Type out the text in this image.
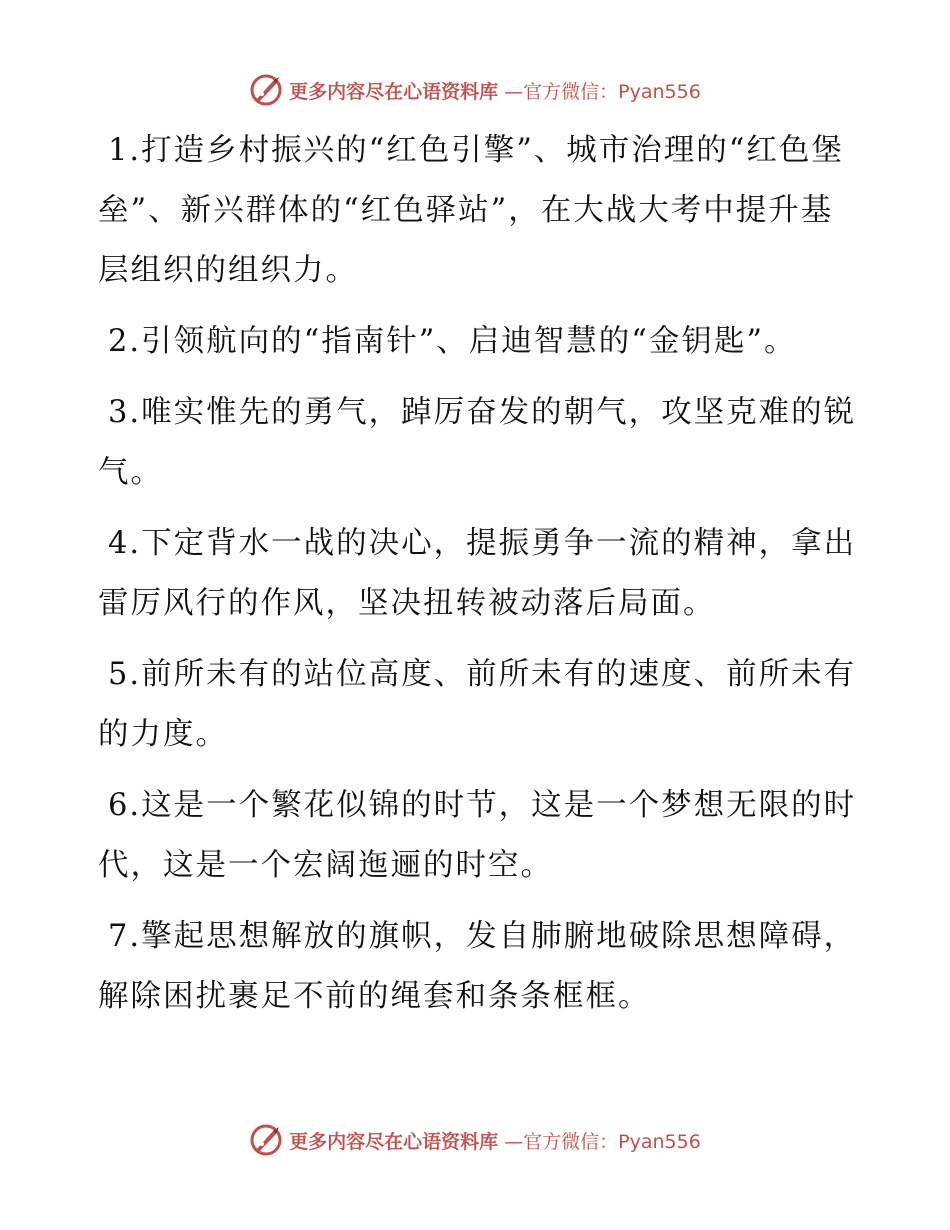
更多内容尽在心语资料库 —官方微信：Pyan556

1.打造乡村振兴的“红色引擎”、城市治理的“红色堡垒”、新兴群体的“红色驿站”，在大战大考中提升基层组织的组织力。

2.引领航向的“指南针”、启迪智慧的“金钥匙”。

3.唯实惟先的勇气，踔厉奋发的朝气，攻坚克难的锐气。

4.下定背水一战的决心，提振勇争一流的精神，拿出雷厉风行的作风，坚决扭转被动落后局面。

5.前所未有的站位高度、前所未有的速度、前所未有的力度。

6.这是一个繁花似锦的时节，这是一个梦想无限的时代，这是一个宏阔迤逦的时空。

7.擎起思想解放的旗帜，发自肺腑地破除思想障碍，解除困扰裹足不前的绳套和条条框框。

更多内容尽在心语资料库 —官方微信：Pyan556
